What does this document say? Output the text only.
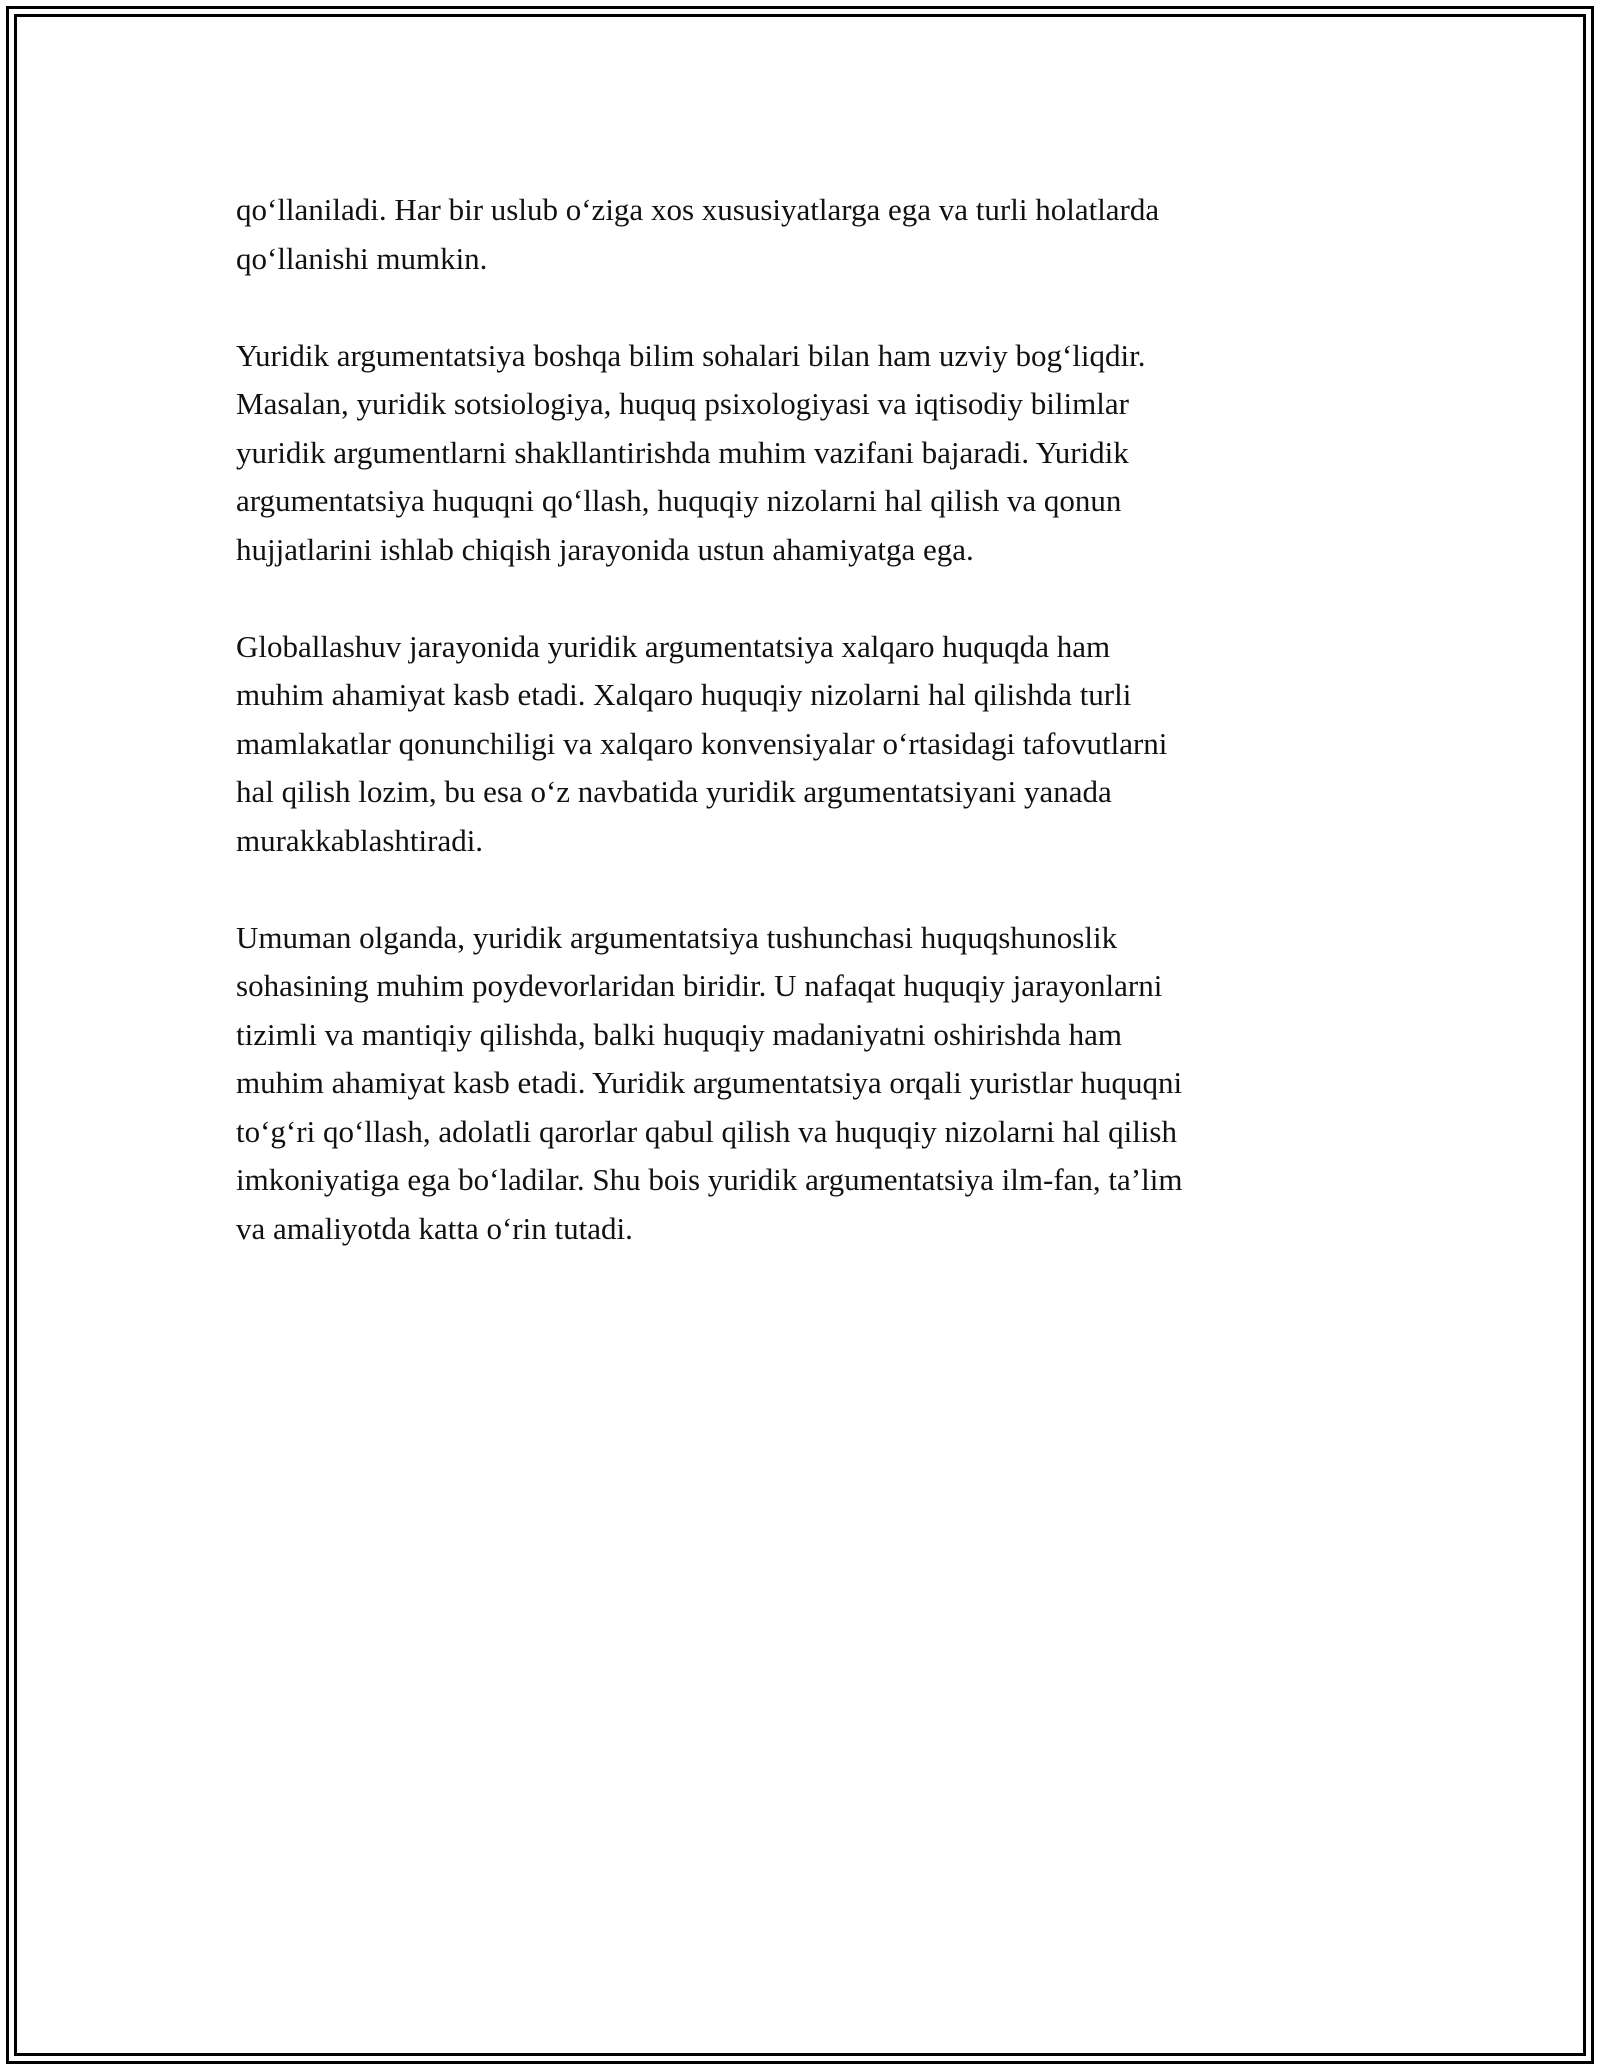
qo‘llaniladi. Har bir uslub o‘ziga xos xususiyatlarga ega va turli holatlarda
qo‘llanishi mumkin.

Yuridik argumentatsiya boshqa bilim sohalari bilan ham uzviy bog‘liqdir.
Masalan, yuridik sotsiologiya, huquq psixologiyasi va iqtisodiy bilimlar
yuridik argumentlarni shakllantirishda muhim vazifani bajaradi. Yuridik
argumentatsiya huquqni qo‘llash, huquqiy nizolarni hal qilish va qonun
hujjatlarini ishlab chiqish jarayonida ustun ahamiyatga ega.

Globallashuv jarayonida yuridik argumentatsiya xalqaro huquqda ham
muhim ahamiyat kasb etadi. Xalqaro huquqiy nizolarni hal qilishda turli
mamlakatlar qonunchiligi va xalqaro konvensiyalar o‘rtasidagi tafovutlarni
hal qilish lozim, bu esa o‘z navbatida yuridik argumentatsiyani yanada
murakkablashtiradi.

Umuman olganda, yuridik argumentatsiya tushunchasi huquqshunoslik
sohasining muhim poydevorlaridan biridir. U nafaqat huquqiy jarayonlarni
tizimli va mantiqiy qilishda, balki huquqiy madaniyatni oshirishda ham
muhim ahamiyat kasb etadi. Yuridik argumentatsiya orqali yuristlar huquqni
to‘g‘ri qo‘llash, adolatli qarorlar qabul qilish va huquqiy nizolarni hal qilish
imkoniyatiga ega bo‘ladilar. Shu bois yuridik argumentatsiya ilm-fan, ta’lim
va amaliyotda katta o‘rin tutadi.
